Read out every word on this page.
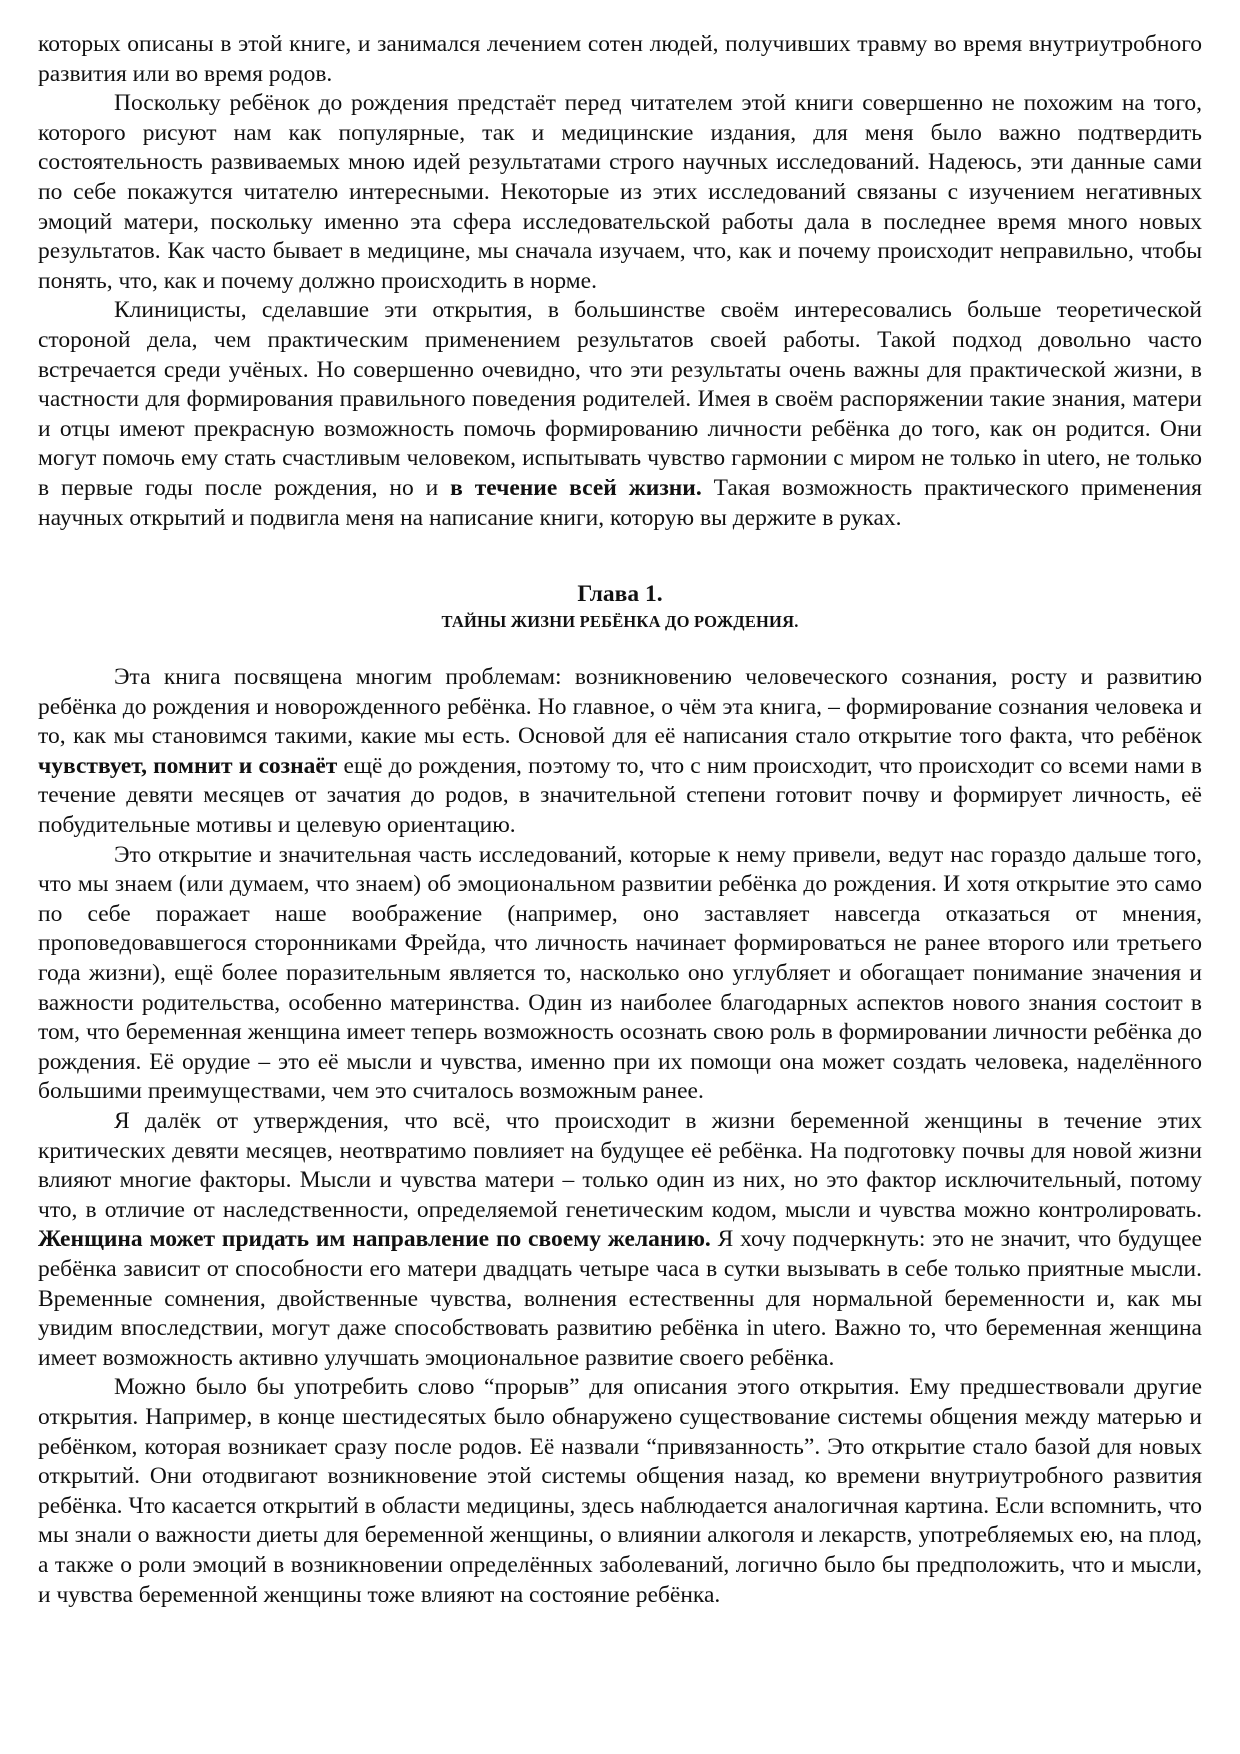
которых описаны в этой книге, и занимался лечением сотен людей, получивших травму во время внутриутробного развития или во время родов.

Поскольку ребёнок до рождения предстаёт перед читателем этой книги совершенно не похожим на того, которого рисуют нам как популярные, так и медицинские издания, для меня было важно подтвердить состоятельность развиваемых мною идей результатами строго научных исследований. Надеюсь, эти данные сами по себе покажутся читателю интересными. Некоторые из этих исследований связаны с изучением негативных эмоций матери, поскольку именно эта сфера исследовательской работы дала в последнее время много новых результатов. Как часто бывает в медицине, мы сначала изучаем, что, как и почему происходит неправильно, чтобы понять, что, как и почему должно происходить в норме.

Клиницисты, сделавшие эти открытия, в большинстве своём интересовались больше теоретической стороной дела, чем практическим применением результатов своей работы. Такой подход довольно часто встречается среди учёных. Но совершенно очевидно, что эти результаты очень важны для практической жизни, в частности для формирования правильного поведения родителей. Имея в своём распоряжении такие знания, матери и отцы имеют прекрасную возможность помочь формированию личности ребёнка до того, как он родится. Они могут помочь ему стать счастливым человеком, испытывать чувство гармонии с миром не только in utero, не только в первые годы после рождения, но и в течение всей жизни. Такая возможность практического применения научных открытий и подвигла меня на написание книги, которую вы держите в руках.

Глава 1.
ТАЙНЫ ЖИЗНИ РЕБЁНКА ДО РОЖДЕНИЯ.

Эта книга посвящена многим проблемам: возникновению человеческого сознания, росту и развитию ребёнка до рождения и новорожденного ребёнка. Но главное, о чём эта книга, – формирование сознания человека и то, как мы становимся такими, какие мы есть. Основой для её написания стало открытие того факта, что ребёнок чувствует, помнит и сознаёт ещё до рождения, поэтому то, что с ним происходит, что происходит со всеми нами в течение девяти месяцев от зачатия до родов, в значительной степени готовит почву и формирует личность, её побудительные мотивы и целевую ориентацию.

Это открытие и значительная часть исследований, которые к нему привели, ведут нас гораздо дальше того, что мы знаем (или думаем, что знаем) об эмоциональном развитии ребёнка до рождения. И хотя открытие это само по себе поражает наше воображение (например, оно заставляет навсегда отказаться от мнения, проповедовавшегося сторонниками Фрейда, что личность начинает формироваться не ранее второго или третьего года жизни), ещё более поразительным является то, насколько оно углубляет и обогащает понимание значения и важности родительства, особенно материнства. Один из наиболее благодарных аспектов нового знания состоит в том, что беременная женщина имеет теперь возможность осознать свою роль в формировании личности ребёнка до рождения. Её орудие – это её мысли и чувства, именно при их помощи она может создать человека, наделённого большими преимуществами, чем это считалось возможным ранее.

Я далёк от утверждения, что всё, что происходит в жизни беременной женщины в течение этих критических девяти месяцев, неотвратимо повлияет на будущее её ребёнка. На подготовку почвы для новой жизни влияют многие факторы. Мысли и чувства матери – только один из них, но это фактор исключительный, потому что, в отличие от наследственности, определяемой генетическим кодом, мысли и чувства можно контролировать. Женщина может придать им направление по своему желанию. Я хочу подчеркнуть: это не значит, что будущее ребёнка зависит от способности его матери двадцать четыре часа в сутки вызывать в себе только приятные мысли. Временные сомнения, двойственные чувства, волнения естественны для нормальной беременности и, как мы увидим впоследствии, могут даже способствовать развитию ребёнка in utero. Важно то, что беременная женщина имеет возможность активно улучшать эмоциональное развитие своего ребёнка.

Можно было бы употребить слово “прорыв” для описания этого открытия. Ему предшествовали другие открытия. Например, в конце шестидесятых было обнаружено существование системы общения между матерью и ребёнком, которая возникает сразу после родов. Её назвали “привязанность”. Это открытие стало базой для новых открытий. Они отодвигают возникновение этой системы общения назад, ко времени внутриутробного развития ребёнка. Что касается открытий в области медицины, здесь наблюдается аналогичная картина. Если вспомнить, что мы знали о важности диеты для беременной женщины, о влиянии алкоголя и лекарств, употребляемых ею, на плод, а также о роли эмоций в возникновении определённых заболеваний, логично было бы предположить, что и мысли, и чувства беременной женщины тоже влияют на состояние ребёнка.
